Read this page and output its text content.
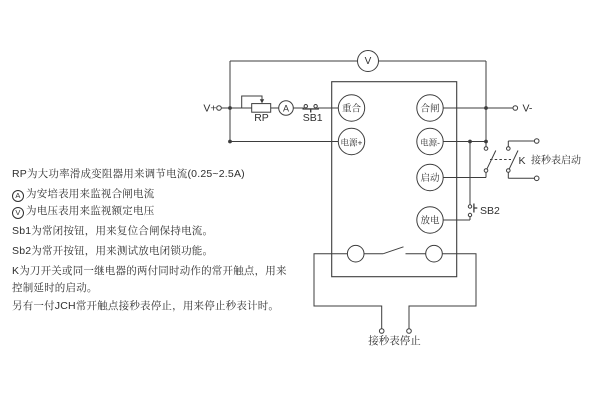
RP
A
V
SB1
SB2
K 接秒表启动
重合	合闸
电源+	电源-
启动
放电
V+	V-
接秒表停止
RP为大功率滑成变阻器用来调节电流(0.25~2.5A)
A 为安培表用来监视合闸电流
V 为电压表用来监视额定电压
Sb1为常闭按钮，用来复位合闸保持电流。
Sb2为常开按钮，用来测试放电闭锁功能。
K为刀开关或同一继电器的两付同时动作的常开触点，用来
控制延时的启动。
另有一付JCH常开触点接秒表停止，用来停止秒表计时。
